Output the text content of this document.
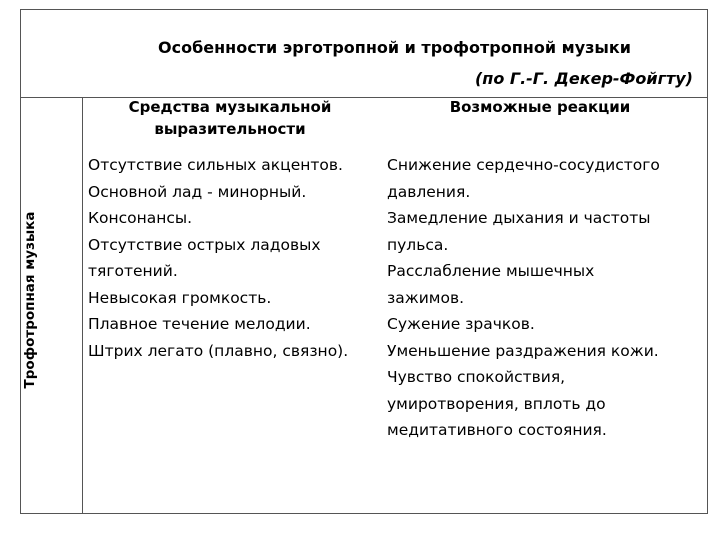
Особенности эрготропной и трофотропной музыки
(по Г.-Г. Декер-Фойгту)
Трофотропная музыка
Средства музыкальной
выразительности
Возможные реакции
Отсутствие сильных акцентов.
Основной лад - минорный.
Консонансы.
Отсутствие острых ладовых
тяготений.
Невысокая громкость.
Плавное течение мелодии.
Штрих легато (плавно, связно).
Снижение сердечно-сосудистого
давления.
Замедление дыхания и частоты
пульса.
Расслабление мышечных
зажимов.
Сужение зрачков.
Уменьшение раздражения кожи.
Чувство спокойствия,
умиротворения, вплоть до
медитативного состояния.
